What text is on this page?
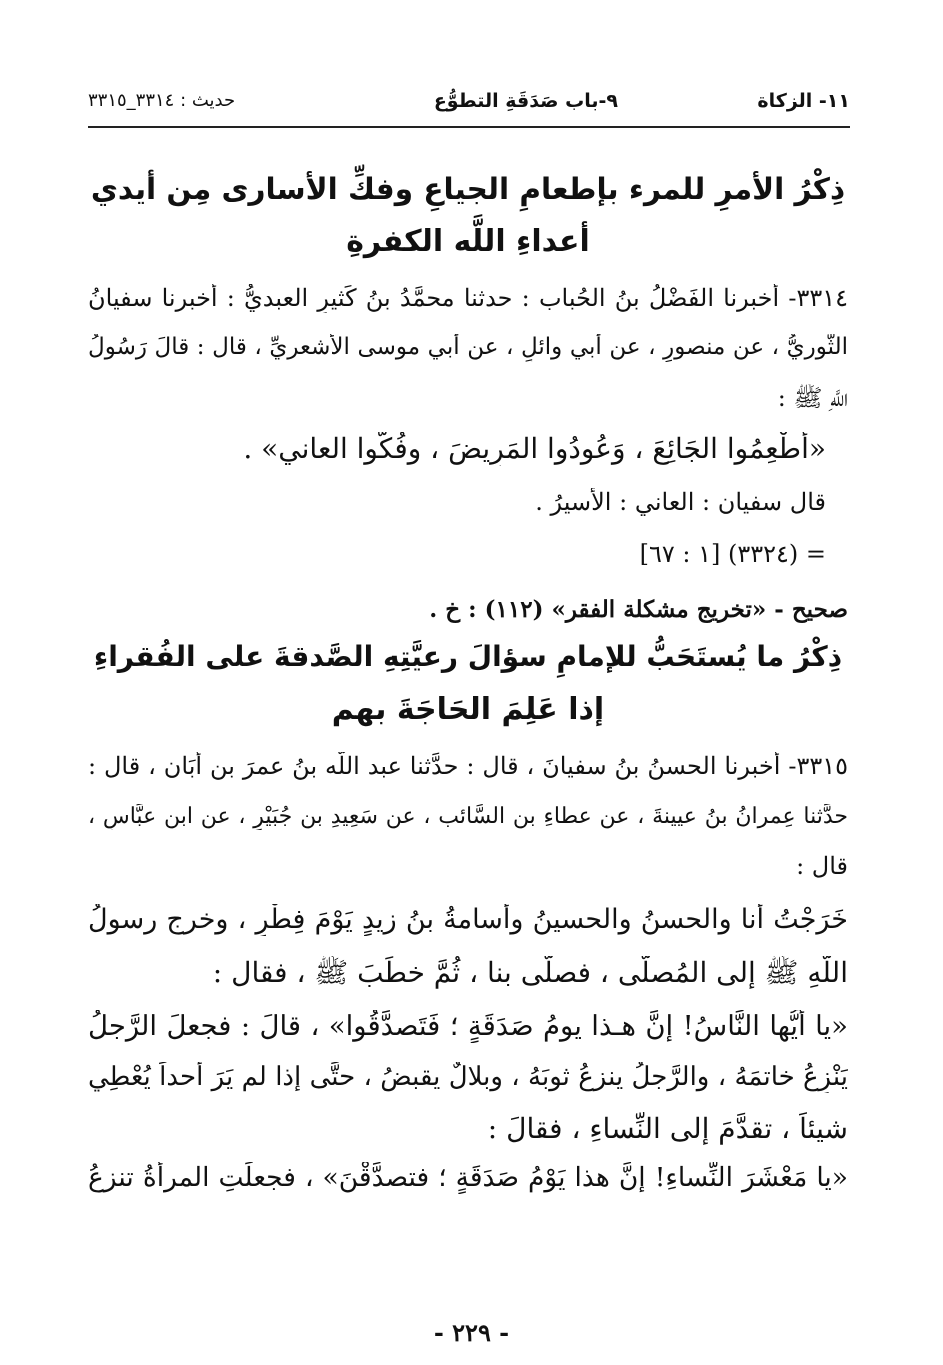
١١- الزكاة
٩-باب صَدَقَةِ التطوُّع
حديث : ٣٣١٤_٣٣١٥
ذِكْرُ الأمرِ للمرء بإطعامِ الجياعِ وفكِّ الأسارى مِن أيدي
أعداءِ اللَّه الكفرةِ
٣٣١٤- أخبرنا الفَضْلُ بنُ الحُباب : حدثنا محمَّدُ بنُ كَثيرٍ العبديُّ : أخبرنا سفيانُ
الثَّوريُّ ، عن منصورٍ ، عن أبي وائلٍ ، عن أبي موسى الأشعريِّ ، قال : قالَ رَسُولُ
اللَّهِ ﷺ :
«أَطْعِمُوا الجَائِعَ ، وَعُودُوا المَرِيضَ ، وفُكُّوا العاني» .
قال سفيان : العاني : الأسيرُ .
= (٣٣٢٤) [١ : ٦٧]
صحيح - «تخريج مشكلة الفقر» (١١٢) : خ .
ذِكْرُ ما يُستَحَبُّ للإمامِ سؤالَ رعيَّتِهِ الصَّدقةَ على الفُقراءِ
إذا عَلِمَ الحَاجَةَ بهم
٣٣١٥- أخبرنا الحسنُ بنُ سفيانَ ، قال : حدَّثنا عبد اللَّه بنُ عمرَ بن أَبَان ، قال :
حدَّثنا عِمرانُ بنُ عيينةَ ، عن عطاءِ بنِ السَّائب ، عن سَعِيدِ بن جُبَيْرٍ ، عن ابنِ عبَّاسٍ ،
قال :
خَرَجْتُ أنا والحسنُ والحسينُ وأُسامةُ بنُ زيدٍ يَوْمَ فِطْرٍ ، وخرج رسولُ
اللَّهِ ﷺ إلى المُصلَّى ، فصلَّى بنا ، ثُمَّ خطَبَ ﷺ ، فقال :
«يا أَيُّها النَّاسُ! إنَّ هـذا يومُ صَدَقَةٍ ؛ فَتَصدَّقُوا» ، قالَ : فجعلَ الرَّجلُ
يَنْزِعُ خاتمَهُ ، والرَّجلُ ينزعُ ثوبَهُ ، وبلالٌ يقبضُ ، حتَّى إذا لم يَرَ أحداً يُعْطِي
شيئاً ، تقدَّمَ إلى النِّساءِ ، فقالَ :
«يا مَعْشَرَ النِّساءِ! إنَّ هذا يَوْمُ صَدَقَةٍ ؛ فتصدَّقْنَ» ، فجعلَتِ المرأةُ تنزعُ
- ٢٢٩ -
